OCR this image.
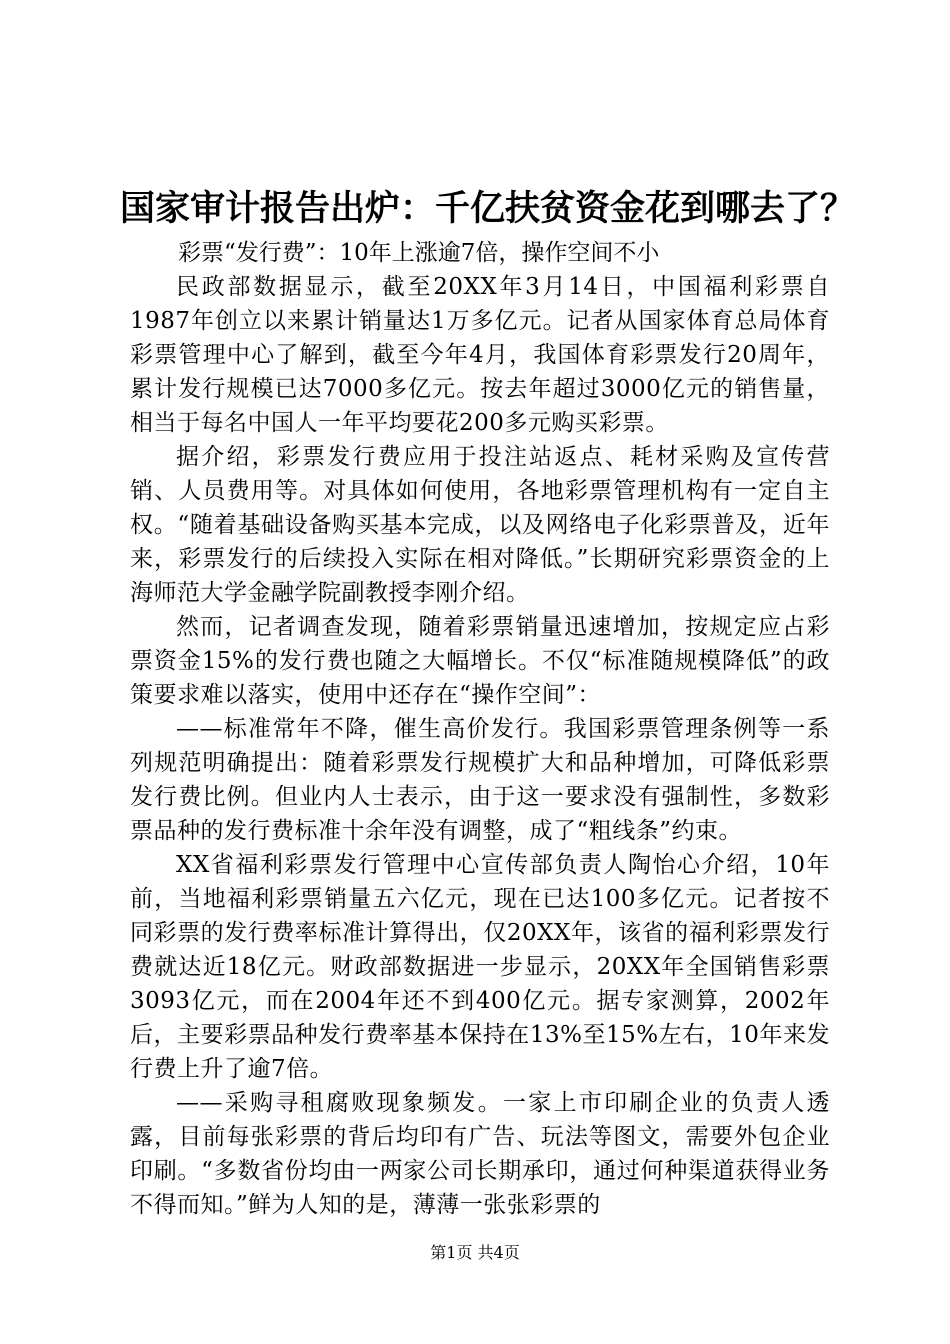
国家审计报告出炉：千亿扶贫资金花到哪去了？

彩票“发行费”：10年上涨逾7倍，操作空间不小

民政部数据显示，截至20XX年3月14日，中国福利彩票自1987年创立以来累计销量达1万多亿元。记者从国家体育总局体育彩票管理中心了解到，截至今年4月，我国体育彩票发行20周年，累计发行规模已达7000多亿元。按去年超过3000亿元的销售量，相当于每名中国人一年平均要花200多元购买彩票。

据介绍，彩票发行费应用于投注站返点、耗材采购及宣传营销、人员费用等。对具体如何使用，各地彩票管理机构有一定自主权。“随着基础设备购买基本完成，以及网络电子化彩票普及，近年来，彩票发行的后续投入实际在相对降低。”长期研究彩票资金的上海师范大学金融学院副教授李刚介绍。

然而，记者调查发现，随着彩票销量迅速增加，按规定应占彩票资金15%的发行费也随之大幅增长。不仅“标准随规模降低”的政策要求难以落实，使用中还存在“操作空间”：

——标准常年不降，催生高价发行。我国彩票管理条例等一系列规范明确提出：随着彩票发行规模扩大和品种增加，可降低彩票发行费比例。但业内人士表示，由于这一要求没有强制性，多数彩票品种的发行费标准十余年没有调整，成了“粗线条”约束。

XX省福利彩票发行管理中心宣传部负责人陶怡心介绍，10年前，当地福利彩票销量五六亿元，现在已达100多亿元。记者按不同彩票的发行费率标准计算得出，仅20XX年，该省的福利彩票发行费就达近18亿元。财政部数据进一步显示，20XX年全国销售彩票3093亿元，而在2004年还不到400亿元。据专家测算，2002年后，主要彩票品种发行费率基本保持在13%至15%左右，10年来发行费上升了逾7倍。

——采购寻租腐败现象频发。一家上市印刷企业的负责人透露，目前每张彩票的背后均印有广告、玩法等图文，需要外包企业印刷。“多数省份均由一两家公司长期承印，通过何种渠道获得业务不得而知。”鲜为人知的是，薄薄一张张彩票的

第1页 共4页
